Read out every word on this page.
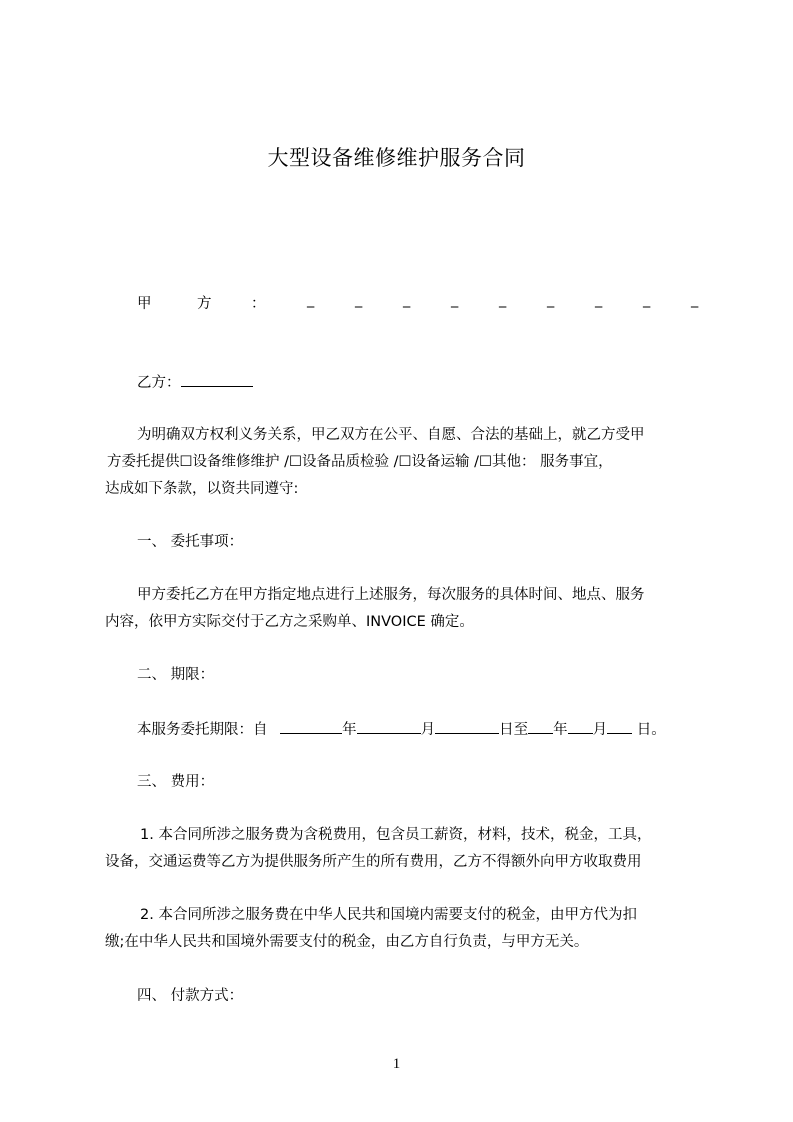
大型设备维修维护服务合同
甲	方	：	_	_	_	_	_	_	_	_	_
乙方：
为明确双方权利义务关系，甲乙双方在公平、自愿、合法的基础上，就乙方受甲
方委托提供☐设备维修维护 /☐设备品质检验 /☐设备运输 /☐其他： 服务事宜，
达成如下条款，以资共同遵守:
一、 委托事项：
甲方委托乙方在甲方指定地点进行上述服务，每次服务的具体时间、地点、服务
内容，依甲方实际交付于乙方之采购单、INVOICE 确定。
二、 期限：
本服务委托期限：自	年	月	日至 年 月 日。
三、 费用：
1. 本合同所涉之服务费为含税费用，包含员工薪资，材料，技术，税金，工具，
设备，交通运费等乙方为提供服务所产生的所有费用，乙方不得额外向甲方收取费用
2. 本合同所涉之服务费在中华人民共和国境内需要支付的税金，由甲方代为扣
缴;在中华人民共和国境外需要支付的税金，由乙方自行负责，与甲方无关。
四、 付款方式：
1
